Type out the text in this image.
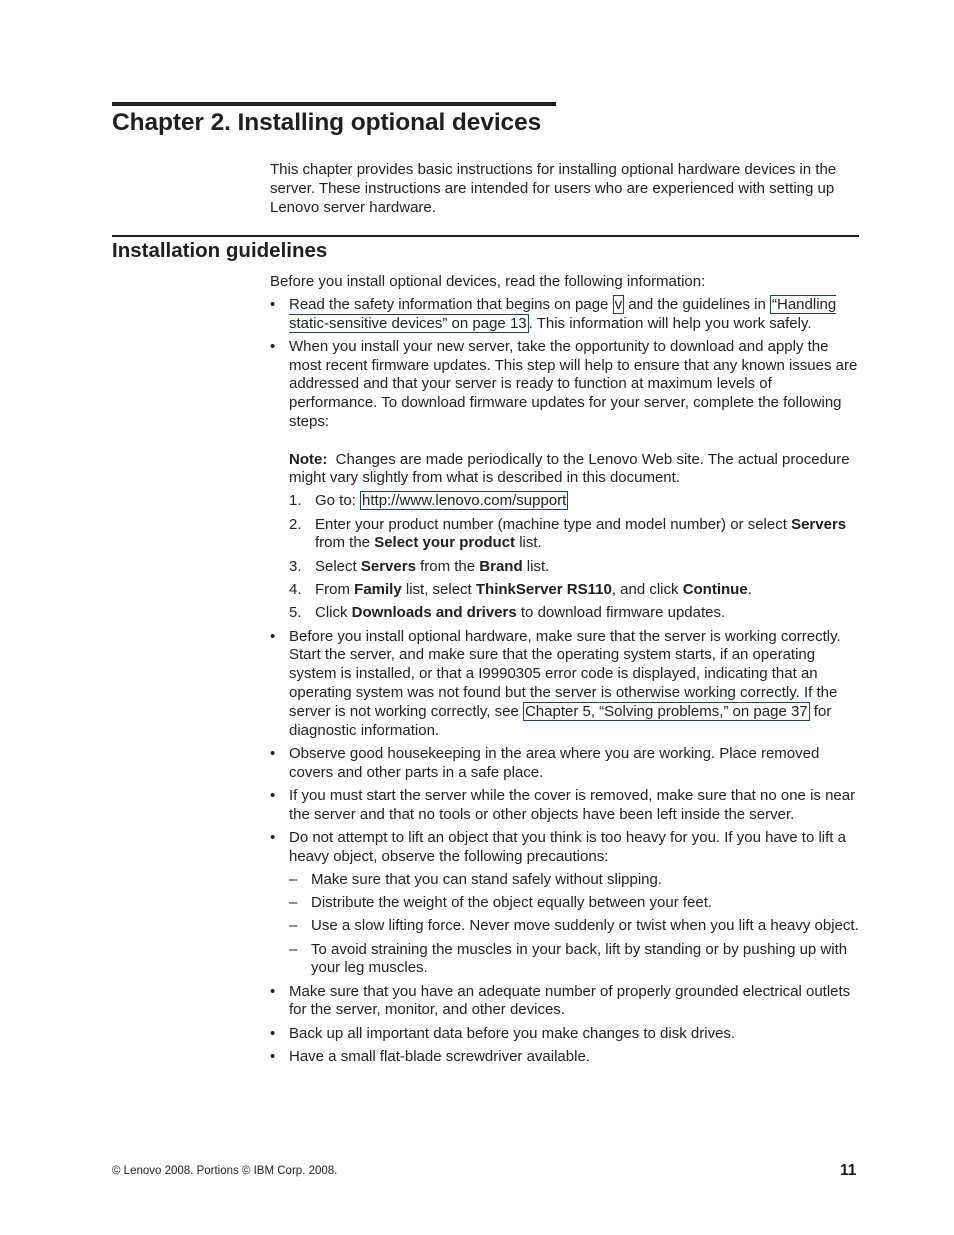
Chapter 2. Installing optional devices

This chapter provides basic instructions for installing optional hardware devices in the server. These instructions are intended for users who are experienced with setting up Lenovo server hardware.

Installation guidelines

Before you install optional devices, read the following information:

• Read the safety information that begins on page v and the guidelines in “Handling static-sensitive devices” on page 13 . This information will help you work safely.
• When you install your new server, take the opportunity to download and apply the most recent firmware updates. This step will help to ensure that any known issues are addressed and that your server is ready to function at maximum levels of performance. To download firmware updates for your server, complete the following steps:

Note: Changes are made periodically to the Lenovo Web site. The actual procedure might vary slightly from what is described in this document.

1. Go to: http://www.lenovo.com/support
2. Enter your product number (machine type and model number) or select Servers from the Select your product list.
3. Select Servers from the Brand list.
4. From Family list, select ThinkServer RS110, and click Continue.
5. Click Downloads and drivers to download firmware updates.
• Before you install optional hardware, make sure that the server is working correctly. Start the server, and make sure that the operating system starts, if an operating system is installed, or that a I9990305 error code is displayed, indicating that an operating system was not found but the server is otherwise working correctly. If the server is not working correctly, see Chapter 5, “Solving problems,” on page 37 for diagnostic information.
• Observe good housekeeping in the area where you are working. Place removed covers and other parts in a safe place.
• If you must start the server while the cover is removed, make sure that no one is near the server and that no tools or other objects have been left inside the server.
• Do not attempt to lift an object that you think is too heavy for you. If you have to lift a heavy object, observe the following precautions:
– Make sure that you can stand safely without slipping.
– Distribute the weight of the object equally between your feet.
– Use a slow lifting force. Never move suddenly or twist when you lift a heavy object.
– To avoid straining the muscles in your back, lift by standing or by pushing up with your leg muscles.
• Make sure that you have an adequate number of properly grounded electrical outlets for the server, monitor, and other devices.
• Back up all important data before you make changes to disk drives.
• Have a small flat-blade screwdriver available.
© Lenovo 2008. Portions © IBM Corp. 2008.	11
